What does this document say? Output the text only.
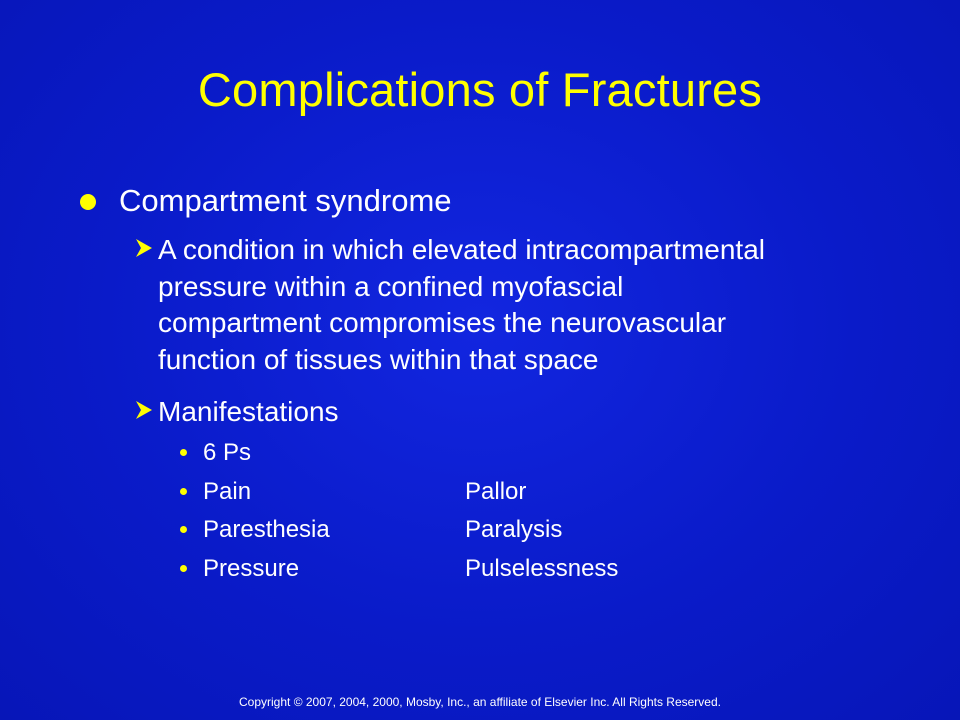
Complications of Fractures
Compartment syndrome
A condition in which elevated intracompartmental
pressure within a confined myofascial
compartment compromises the neurovascular
function of tissues within that space
Manifestations
6 Ps
Pain	Pallor
Paresthesia	Paralysis
Pressure	Pulselessness
Copyright © 2007, 2004, 2000, Mosby, Inc., an affiliate of Elsevier Inc. All Rights Reserved.
